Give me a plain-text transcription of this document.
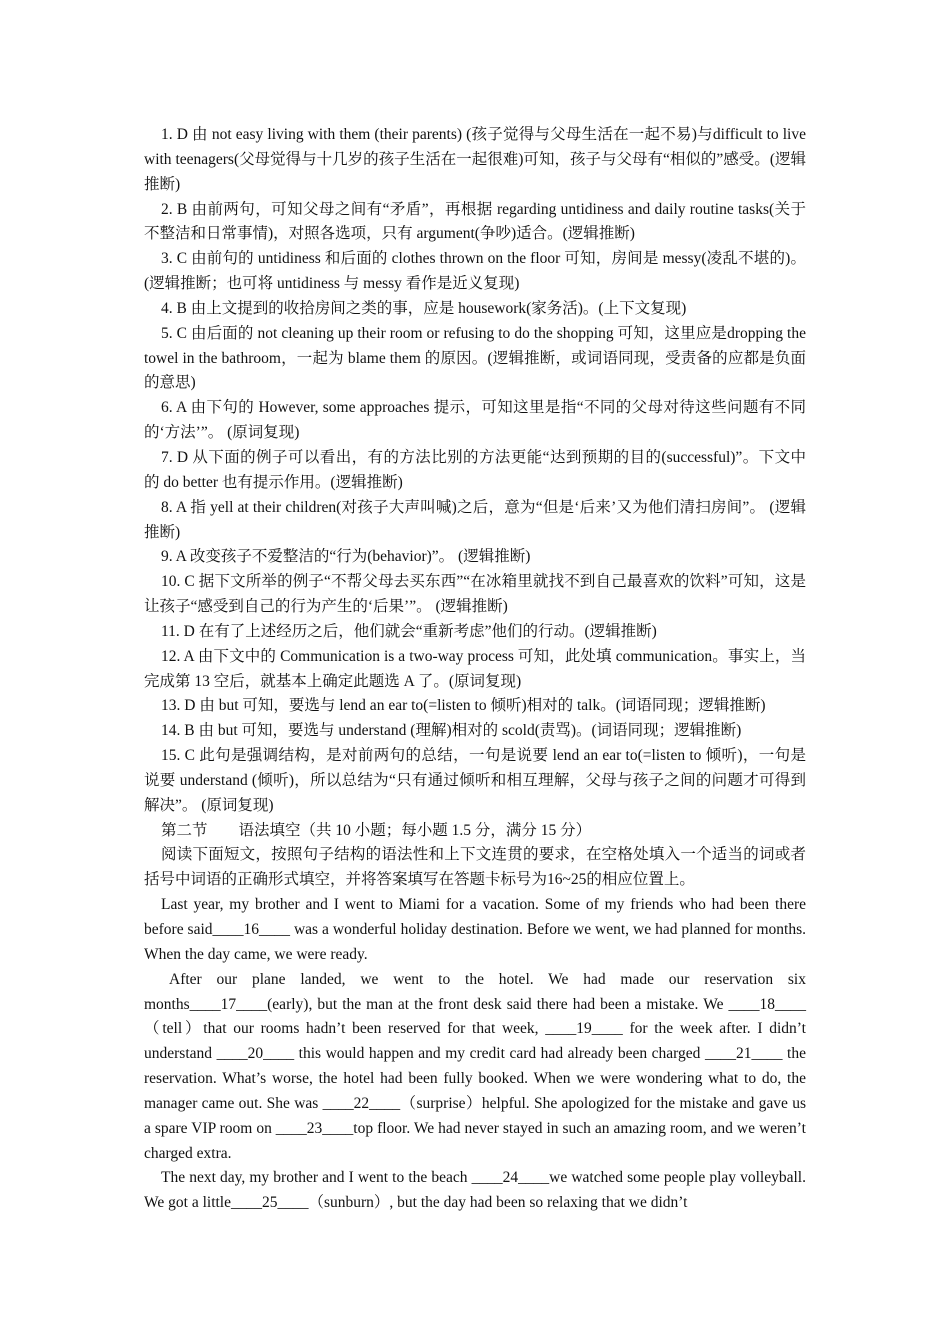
1. D 由 not easy living with them (their parents) (孩子觉得与父母生活在一起不易)与difficult to live with teenagers(父母觉得与十几岁的孩子生活在一起很难)可知，孩子与父母有“相似的”感受。(逻辑推断)

2. B 由前两句，可知父母之间有“矛盾”，再根据 regarding untidiness and daily routine tasks(关于不整洁和日常事情)，对照各选项，只有 argument(争吵)适合。(逻辑推断)

3. C 由前句的 untidiness 和后面的 clothes thrown on the floor 可知，房间是 messy(凌乱不堪的)。(逻辑推断；也可将 untidiness 与 messy 看作是近义复现)

4. B 由上文提到的收拾房间之类的事，应是 housework(家务活)。(上下文复现)

5. C 由后面的 not cleaning up their room or refusing to do the shopping 可知，这里应是dropping the towel in the bathroom，一起为 blame them 的原因。(逻辑推断，或词语同现，受责备的应都是负面的意思)

6. A 由下句的 However, some approaches 提示，可知这里是指“不同的父母对待这些问题有不同的‘方法’”。 (原词复现)

7. D 从下面的例子可以看出，有的方法比别的方法更能“达到预期的目的(successful)”。下文中的 do better 也有提示作用。(逻辑推断)

8. A 指 yell at their children(对孩子大声叫喊)之后，意为“但是‘后来’又为他们清扫房间”。 (逻辑推断)

9. A 改变孩子不爱整洁的“行为(behavior)”。 (逻辑推断)

10. C 据下文所举的例子“不帮父母去买东西”“在冰箱里就找不到自己最喜欢的饮料”可知，这是让孩子“感受到自己的行为产生的‘后果’”。 (逻辑推断)

11. D 在有了上述经历之后，他们就会“重新考虑”他们的行动。(逻辑推断)

12. A 由下文中的 Communication is a two-way process 可知，此处填 communication。事实上，当完成第 13 空后，就基本上确定此题选 A 了。(原词复现)

13. D 由 but 可知，要选与 lend an ear to(=listen to 倾听)相对的 talk。(词语同现；逻辑推断)

14. B 由 but 可知，要选与 understand (理解)相对的 scold(责骂)。(词语同现；逻辑推断)

15. C 此句是强调结构，是对前两句的总结，一句是说要 lend an ear to(=listen to 倾听)，一句是说要 understand (倾听)，所以总结为“只有通过倾听和相互理解，父母与孩子之间的问题才可得到解决”。 (原词复现)

第二节 语法填空（共 10 小题；每小题 1.5 分，满分 15 分）

阅读下面短文，按照句子结构的语法性和上下文连贯的要求，在空格处填入一个适当的词或者括号中词语的正确形式填空，并将答案填写在答题卡标号为16~25的相应位置上。

Last year, my brother and I went to Miami for a vacation. Some of my friends who had been there before said____16____ was a wonderful holiday destination. Before we went, we had planned for months. When the day came, we were ready.

After our plane landed, we went to the hotel. We had made our reservation six months____17____(early), but the man at the front desk said there had been a mistake. We ____18____（tell）that our rooms hadn’t been reserved for that week, ____19____ for the week after. I didn’t understand ____20____ this would happen and my credit card had already been charged ____21____ the reservation. What’s worse, the hotel had been fully booked. When we were wondering what to do, the manager came out. She was ____22____（surprise）helpful. She apologized for the mistake and gave us a spare VIP room on ____23____top floor. We had never stayed in such an amazing room, and we weren’t charged extra.

The next day, my brother and I went to the beach ____24____we watched some people play volleyball. We got a little____25____（sunburn）, but the day had been so relaxing that we didn’t
